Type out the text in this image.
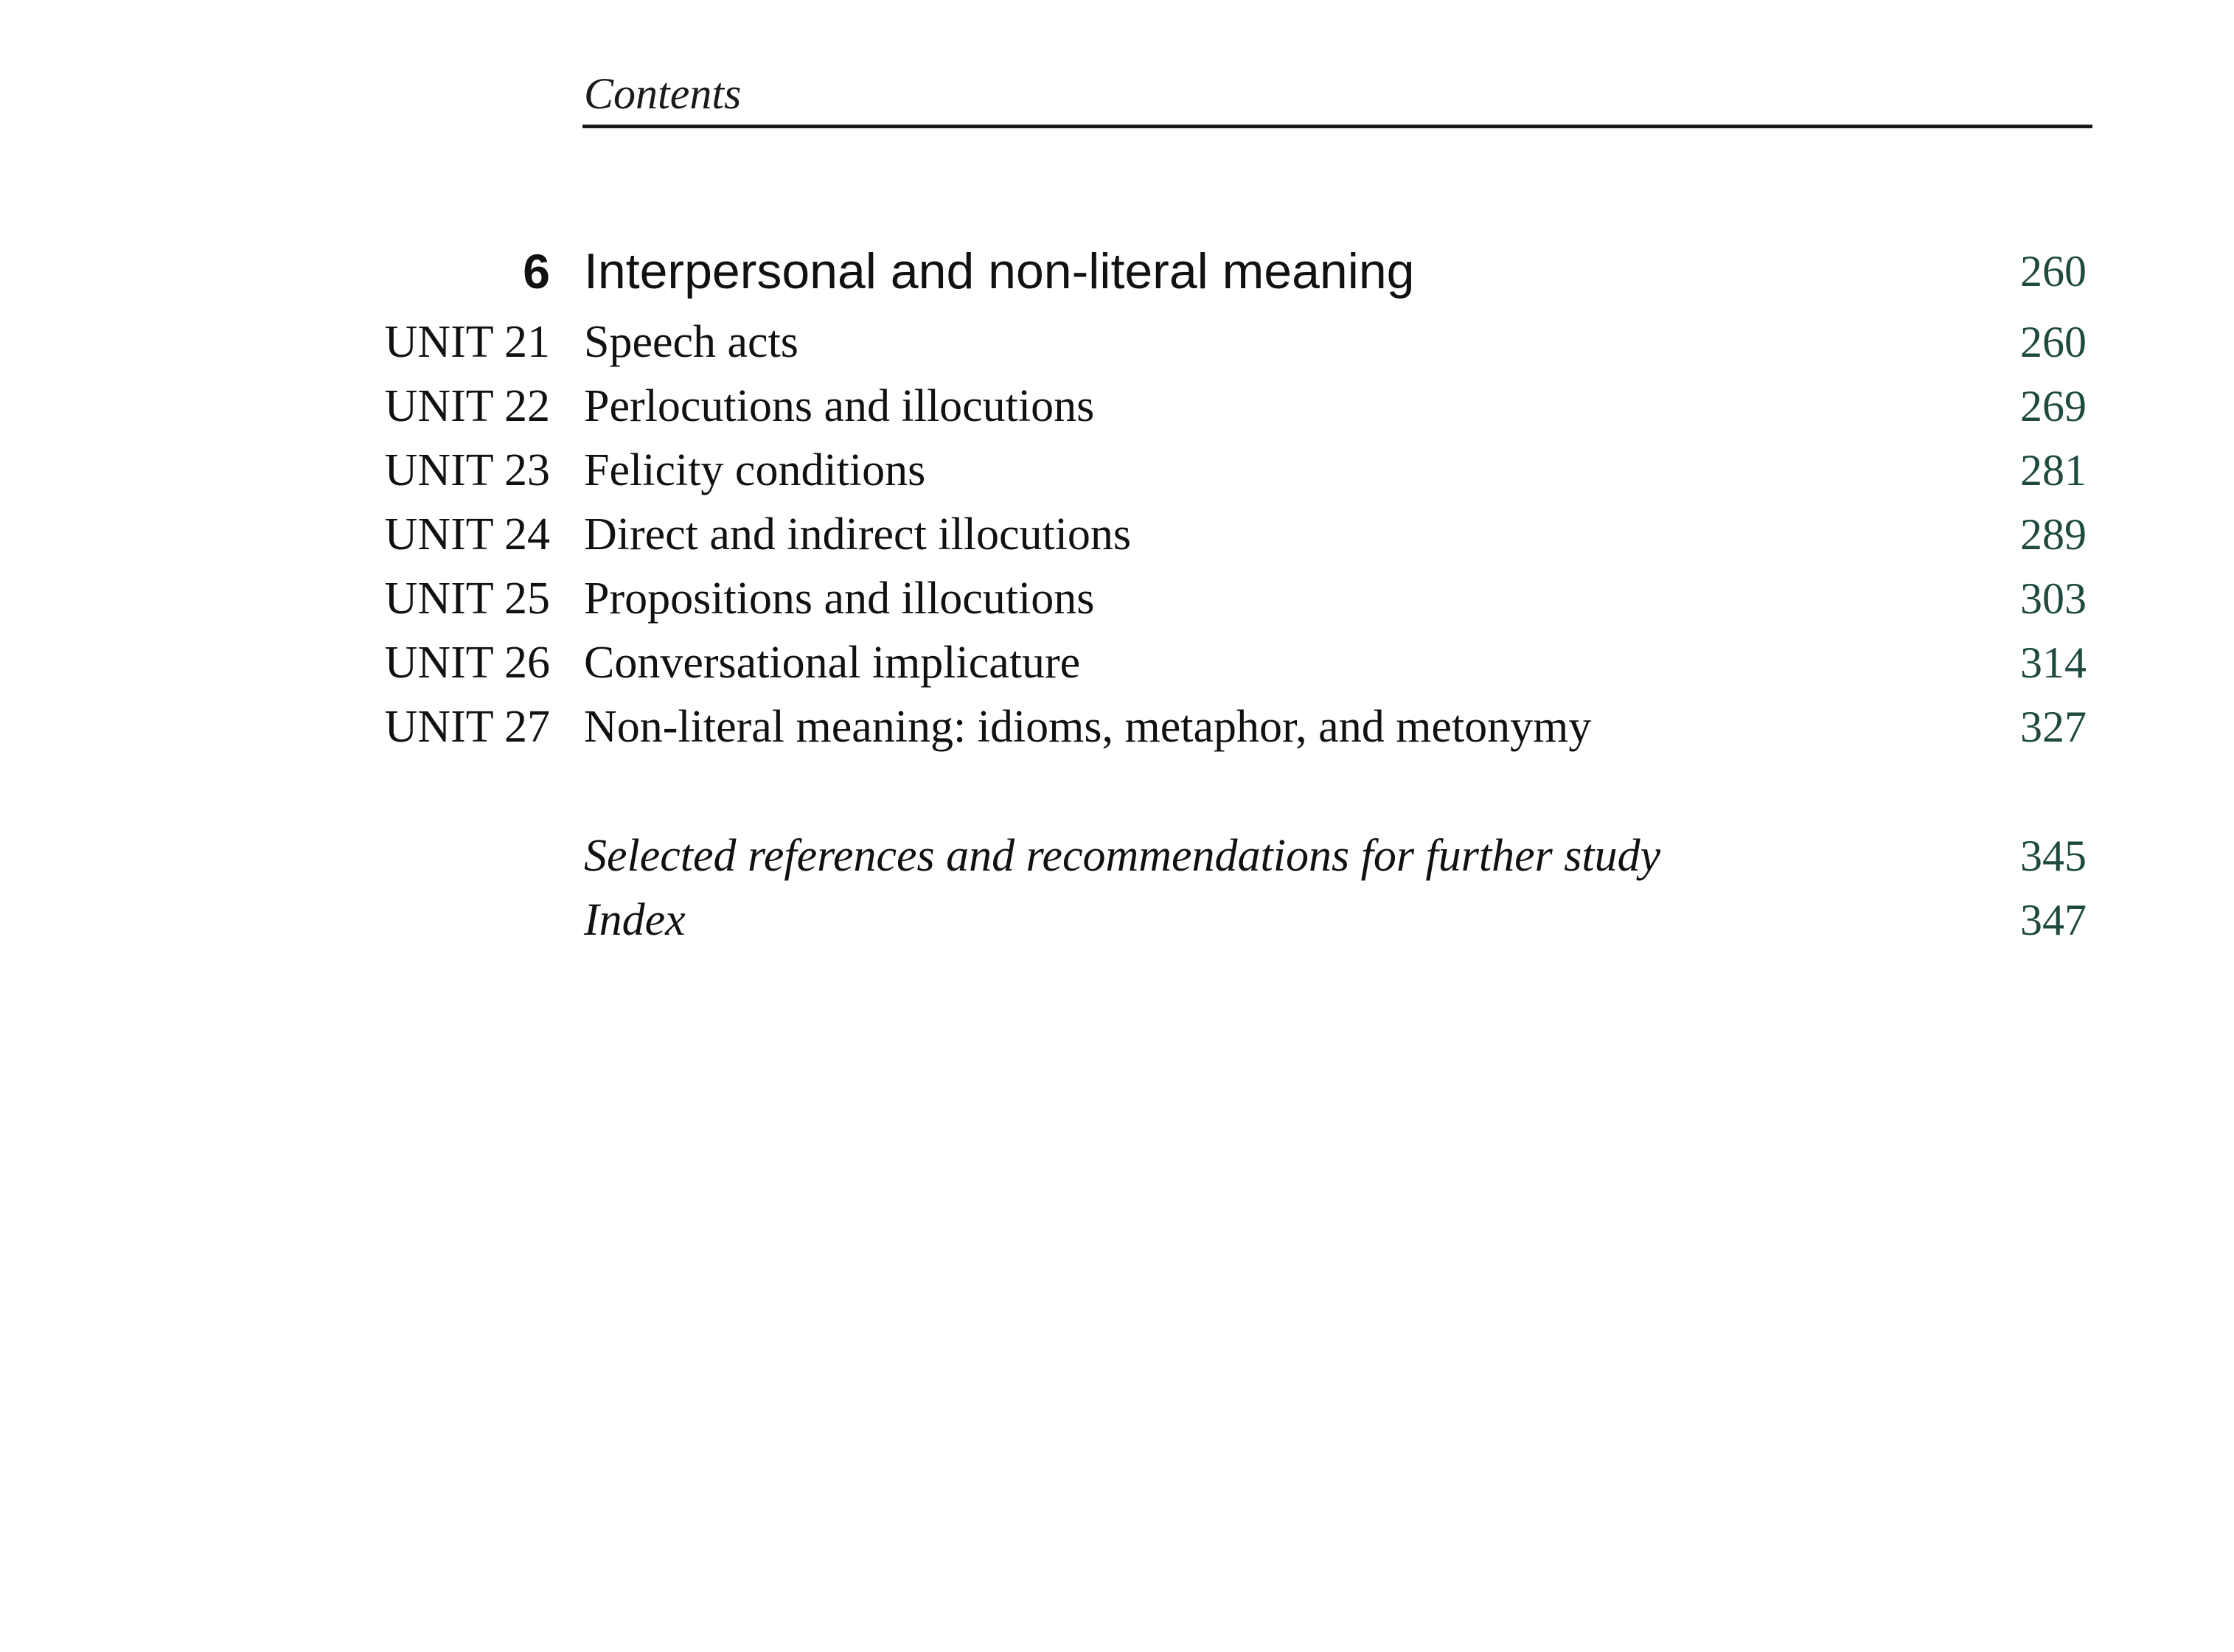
Contents
6 Interpersonal and non-literal meaning	260
UNIT 21 Speech acts	260
UNIT 22 Perlocutions and illocutions	269
UNIT 23 Felicity conditions	281
UNIT 24 Direct and indirect illocutions	289
UNIT 25 Propositions and illocutions	303
UNIT 26 Conversational implicature	314
UNIT 27 Non-literal meaning: idioms, metaphor, and metonymy	327
Selected references and recommendations for further study	345
Index	347
